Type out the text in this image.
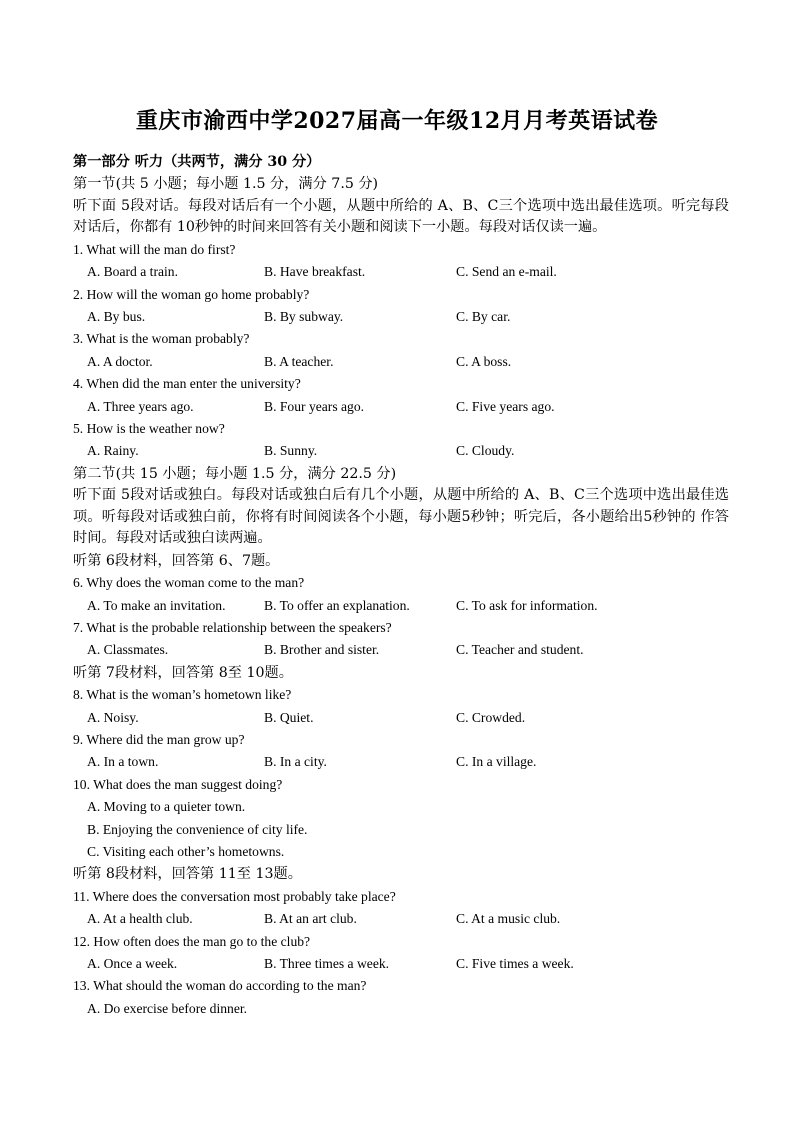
重庆市渝西中学2027届高一年级12月月考英语试卷
第一部分 听力（共两节，满分 30 分）
第一节(共 5 小题；每小题 1.5 分，满分 7.5 分)
听下面 5段对话。每段对话后有一个小题，从题中所给的 A、B、C三个选项中选出最佳选项。听完每段对话后，你都有 10秒钟的时间来回答有关小题和阅读下一小题。每段对话仅读一遍。
1. What will the man do first?
A. Board a train.	B. Have breakfast.	C. Send an e-mail.
2. How will the woman go home probably?
A. By bus.	B. By subway.	C. By car.
3. What is the woman probably?
A. A doctor.	B. A teacher.	C. A boss.
4. When did the man enter the university?
A. Three years ago.	B. Four years ago.	C. Five years ago.
5. How is the weather now?
A. Rainy.	B. Sunny.	C. Cloudy.
第二节(共 15 小题；每小题 1.5 分，满分 22.5 分)
听下面 5段对话或独白。每段对话或独白后有几个小题，从题中所给的 A、B、C三个选项中选出最佳选项。听每段对话或独白前，你将有时间阅读各个小题，每小题5秒钟；听完后，各小题给出5秒钟的 作答时间。每段对话或独白读两遍。
听第 6段材料，回答第 6、7题。
6. Why does the woman come to the man?
A. To make an invitation.	B. To offer an explanation.	C. To ask for information.
7. What is the probable relationship between the speakers?
A. Classmates.	B. Brother and sister.	C. Teacher and student.
听第 7段材料，回答第 8至 10题。
8. What is the woman’s hometown like?
A. Noisy.	B. Quiet.	C. Crowded.
9. Where did the man grow up?
A. In a town.	B. In a city.	C. In a village.
10. What does the man suggest doing?
A. Moving to a quieter town.
B. Enjoying the convenience of city life.
C. Visiting each other’s hometowns.
听第 8段材料，回答第 11至 13题。
11. Where does the conversation most probably take place?
A. At a health club.	B. At an art club.	C. At a music club.
12. How often does the man go to the club?
A. Once a week.	B. Three times a week.	C. Five times a week.
13. What should the woman do according to the man?
A. Do exercise before dinner.
